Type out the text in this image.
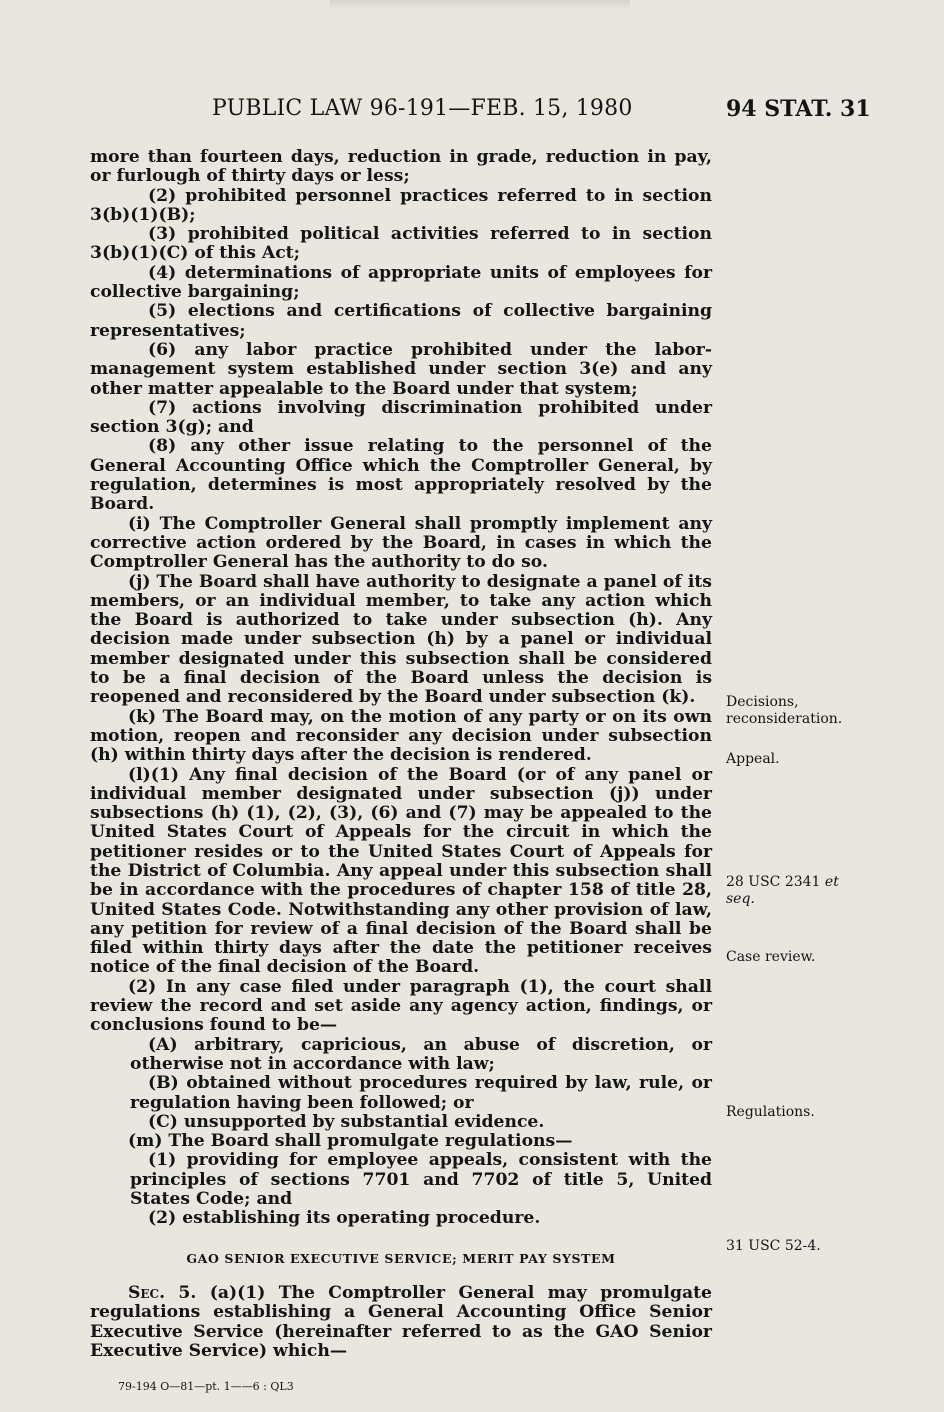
PUBLIC LAW 96-191—FEB. 15, 1980	94 STAT. 31

more than fourteen days, reduction in grade, reduction in pay, or furlough of thirty days or less;

(2) prohibited personnel practices referred to in section 3(b)(1)(B);

(3) prohibited political activities referred to in section 3(b)(1)(C) of this Act;

(4) determinations of appropriate units of employees for collective bargaining;

(5) elections and certifications of collective bargaining representatives;

(6) any labor practice prohibited under the labor-management system established under section 3(e) and any other matter appealable to the Board under that system;

(7) actions involving discrimination prohibited under section 3(g); and

(8) any other issue relating to the personnel of the General Accounting Office which the Comptroller General, by regulation, determines is most appropriately resolved by the Board.

(i) The Comptroller General shall promptly implement any corrective action ordered by the Board, in cases in which the Comptroller General has the authority to do so.

(j) The Board shall have authority to designate a panel of its members, or an individual member, to take any action which the Board is authorized to take under subsection (h). Any decision made under subsection (h) by a panel or individual member designated under this subsection shall be considered to be a final decision of the Board unless the decision is reopened and reconsidered by the Board under subsection (k).

(k) The Board may, on the motion of any party or on its own motion, reopen and reconsider any decision under subsection (h) within thirty days after the decision is rendered.

(l)(1) Any final decision of the Board (or of any panel or individual member designated under subsection (j)) under subsections (h) (1), (2), (3), (6) and (7) may be appealed to the United States Court of Appeals for the circuit in which the petitioner resides or to the United States Court of Appeals for the District of Columbia. Any appeal under this subsection shall be in accordance with the procedures of chapter 158 of title 28, United States Code. Notwithstanding any other provision of law, any petition for review of a final decision of the Board shall be filed within thirty days after the date the petitioner receives notice of the final decision of the Board.

(2) In any case filed under paragraph (1), the court shall review the record and set aside any agency action, findings, or conclusions found to be—

(A) arbitrary, capricious, an abuse of discretion, or otherwise not in accordance with law;

(B) obtained without procedures required by law, rule, or regulation having been followed; or

(C) unsupported by substantial evidence.

(m) The Board shall promulgate regulations—

(1) providing for employee appeals, consistent with the principles of sections 7701 and 7702 of title 5, United States Code; and

(2) establishing its operating procedure.

GAO SENIOR EXECUTIVE SERVICE; MERIT PAY SYSTEM

Sec. 5. (a)(1) The Comptroller General may promulgate regulations establishing a General Accounting Office Senior Executive Service (hereinafter referred to as the GAO Senior Executive Service) which—

Decisions, reconsideration.
Appeal.
28 USC 2341 et seq.
Case review.
Regulations.
31 USC 52-4.
79-194 O—81—pt. 1——6 : QL3
